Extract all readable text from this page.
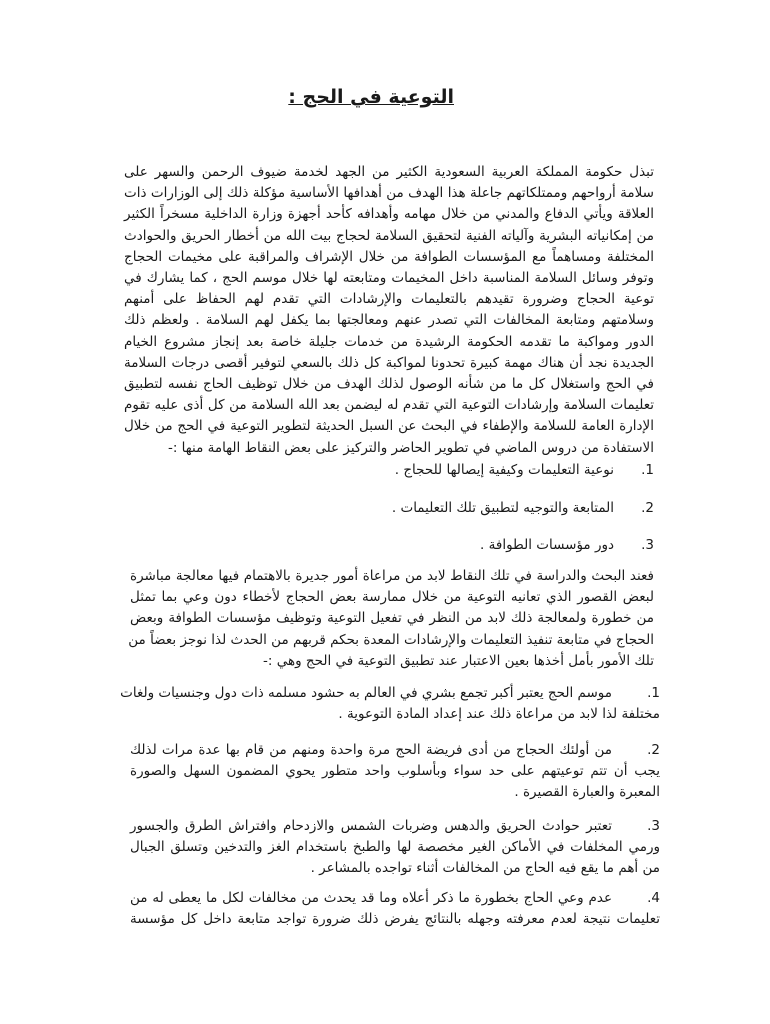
التوعية في الحج :
تبذل حكومة المملكة العربية السعودية الكثير من الجهد لخدمة ضيوف الرحمن والسهر على
سلامة أرواحهم وممتلكاتهم جاعلة هذا الهدف من أهدافها الأساسية مؤكلة ذلك إلى الوزارات ذات
العلاقة ويأتي الدفاع والمدني من خلال مهامه وأهدافه كأحد أجهزة وزارة الداخلية مسخراً الكثير
من إمكانياته البشرية وآلياته الفنية لتحقيق السلامة لحجاج بيت الله من أخطار الحريق والحوادث
المختلفة ومساهماً مع المؤسسات الطوافة من خلال الإشراف والمراقبة على مخيمات الحجاج
وتوفر وسائل السلامة المناسبة داخل المخيمات ومتابعته لها خلال موسم الحج ، كما يشارك في
توعية الحجاج وضرورة تقيدهم بالتعليمات والإرشادات التي تقدم لهم الحفاظ على أمنهم
وسلامتهم ومتابعة المخالفات التي تصدر عنهم ومعالجتها بما يكفل لهم السلامة . ولعظم ذلك
الدور ومواكبة ما تقدمه الحكومة الرشيدة من خدمات جليلة خاصة بعد إنجاز مشروع الخيام
الجديدة نجد أن هناك مهمة كبيرة تحدونا لمواكبة كل ذلك بالسعي لتوفير أقصى درجات السلامة
في الحج واستغلال كل ما من شأنه الوصول لذلك الهدف من خلال توظيف الحاج نفسه لتطبيق
تعليمات السلامة وإرشادات التوعية التي تقدم له ليضمن بعد الله السلامة من كل أذى عليه تقوم
الإدارة العامة للسلامة والإطفاء في البحث عن السبل الحديثة لتطوير التوعية في الحج من خلال
الاستفادة من دروس الماضي في تطوير الحاضر والتركيز على بعض النقاط الهامة منها :-
1.
نوعية التعليمات وكيفية إيصالها للحجاج .
2.
المتابعة والتوجيه لتطبيق تلك التعليمات .
3.
دور مؤسسات الطوافة .
فعند البحث والدراسة في تلك النقاط لابد من مراعاة أمور جديرة بالاهتمام فيها معالجة مباشرة
لبعض القصور الذي تعانيه التوعية من خلال ممارسة بعض الحجاج لأخطاء دون وعي بما تمثل
من خطورة ولمعالجة ذلك لابد من النظر في تفعيل التوعية وتوظيف مؤسسات الطوافة وبعض
الحجاج في متابعة تنفيذ التعليمات والإرشادات المعدة بحكم قربهم من الحدث لذا نوجز بعضاً من
تلك الأمور بأمل أخذها بعين الاعتبار عند تطبيق التوعية في الحج وهي :-
1.
موسم الحج يعتبر أكبر تجمع بشري في العالم به حشود مسلمه ذات دول وجنسيات ولغات
مختلفة لذا لابد من مراعاة ذلك عند إعداد المادة التوعوية .
2.
من أولئك الحجاج من أدى فريضة الحج مرة واحدة ومنهم من قام بها عدة مرات لذلك
يجب أن تتم توعيتهم على حد سواء وبأسلوب واحد متطور يحوي المضمون السهل والصورة
المعبرة والعبارة القصيرة .
3.
تعتبر حوادث الحريق والدهس وضربات الشمس والازدحام وافتراش الطرق والجسور
ورمي المخلفات في الأماكن الغير مخصصة لها والطبخ باستخدام الغز والتدخين وتسلق الجبال
من أهم ما يقع فيه الحاج من المخالفات أثناء تواجده بالمشاعر .
4.
عدم وعي الحاج بخطورة ما ذكر أعلاه وما قد يحدث من مخالفات لكل ما يعطى له من
تعليمات نتيجة لعدم معرفته وجهله بالنتائج يفرض ذلك ضرورة تواجد متابعة داخل كل مؤسسة
